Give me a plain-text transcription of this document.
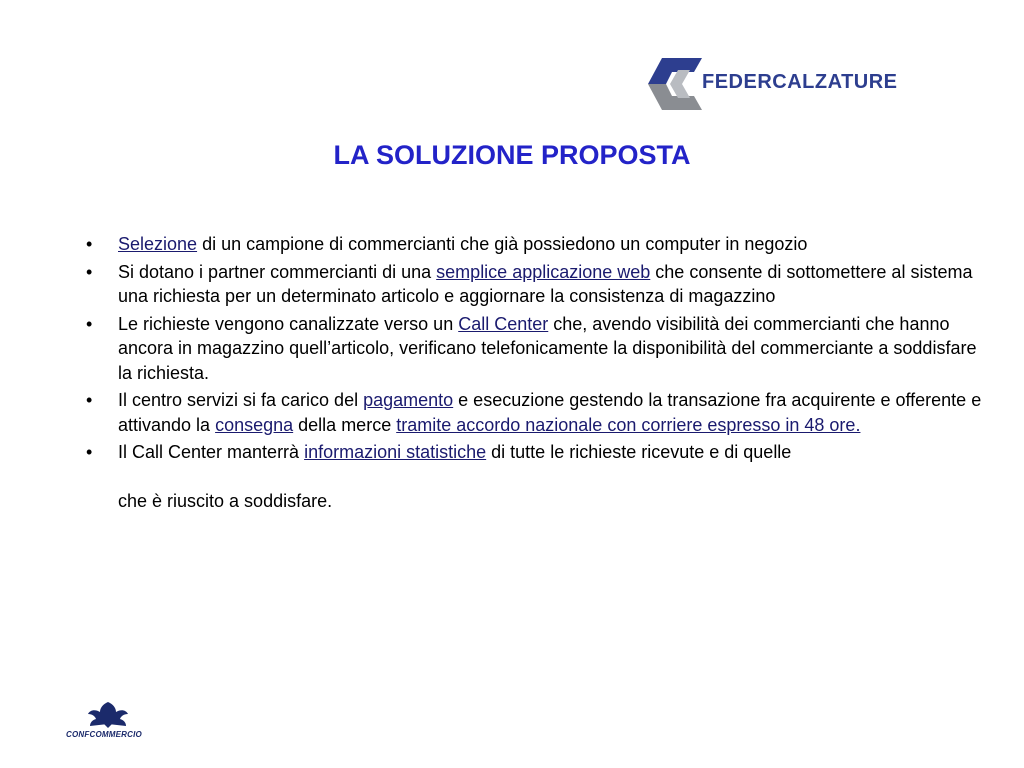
FEDERCALZATURE
LA SOLUZIONE PROPOSTA
• Selezione di un campione di commercianti che già possiedono un computer in negozio
• Si dotano i partner commercianti di una semplice applicazione web che consente di sottomettere al sistema una richiesta per un determinato articolo e aggiornare la consistenza di magazzino
• Le richieste vengono canalizzate verso un Call Center che, avendo visibilità dei commercianti che hanno ancora in magazzino quell’articolo, verificano telefonicamente la disponibilità del commerciante a soddisfare la richiesta.
• Il centro servizi si fa carico del pagamento e esecuzione gestendo la transazione fra acquirente e offerente e attivando la consegna della merce tramite accordo nazionale con corriere espresso in 48 ore.
• Il Call Center manterrà informazioni statistiche di tutte le richieste ricevute e di quelle
che è riuscito a soddisfare.
CONFCOMMERCIO
